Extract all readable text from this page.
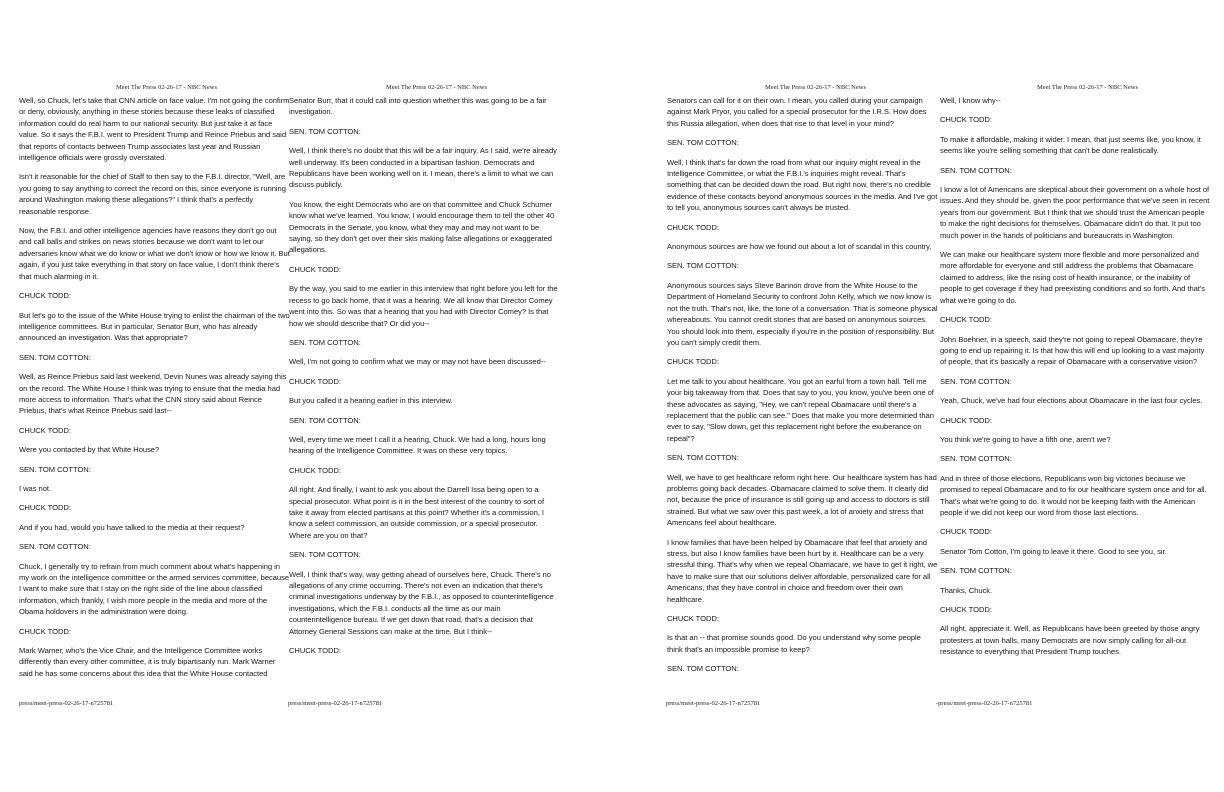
Meet The Press 02-26-17 - NBC News	Meet The Press 02-26-17 - NBC News

Well, so Chuck, let's take that CNN article on face value. I'm not going the confirm or deny, obviously, anything in these stories because these leaks of classified information could do real harm to our national security. But just take it at face value. So it says the F.B.I. went to President Trump and Reince Priebus and said that reports of contacts between Trump associates last year and Russian intelligence officials were grossly overstated.

Isn't it reasonable for the chief of Staff to then say to the F.B.I. director, "Well, are you going to say anything to correct the record on this, since everyone is running around Washington making these allegations?" I think that's a perfectly reasonable response.

Now, the F.B.I. and other intelligence agencies have reasons they don't go out and call balls and strikes on news stories because we don't want to let our adversaries know what we do know or what we don't know or how we know it. But again, if you just take everything in that story on face value, I don't think there's that much alarming in it.

CHUCK TODD:

But let's go to the issue of the White House trying to enlist the chairman of the two intelligence committees. But in particular, Senator Burr, who has already announced an investigation. Was that appropriate?

SEN. TOM COTTON:

Well, as Reince Priebus said last weekend, Devin Nunes was already saying this on the record. The White House I think was trying to ensure that the media had more access to information. That's what the CNN story said about Reince Priebus, that's what Reince Priebus said last--

CHUCK TODD:

Were you contacted by that White House?

SEN. TOM COTTON:

I was not.

CHUCK TODD:

And if you had, would you have talked to the media at their request?

SEN. TOM COTTON:

Chuck, I generally try to refrain from much comment about what's happening in my work on the intelligence committee or the armed services committee, because I want to make sure that I stay on the right side of the line about classified information, which frankly, I wish more people in the media and more of the Obama holdovers in the administration were doing.

CHUCK TODD:

Mark Warner, who's the Vice Chair, and the Intelligence Committee works differently than every other committee, it is truly bipartisanly run. Mark Warner said he has some concerns about this idea that the White House contacted

Senator Burr, that it could call into question whether this was going to be a fair investigation.

SEN. TOM COTTON:

Well, I think there's no doubt that this will be a fair inquiry. As I said, we're already well underway. It's been conducted in a bipartisan fashion. Democrats and Republicans have been working well on it. I mean, there's a limit to what we can discuss publicly.

You know, the eight Democrats who are on that committee and Chuck Schumer know what we've learned. You know, I would encourage them to tell the other 40 Democrats in the Senate, you know, what they may and may not want to be saying, so they don't get over their skis making false allegations or exaggerated allegations.

CHUCK TODD:

By the way, you said to me earlier in this interview that right before you left for the recess to go back home, that it was a hearing. We all know that Director Comey went into this. So was that a hearing that you had with Director Comey? Is that how we should describe that? Or did you--

SEN. TOM COTTON:

Well, I'm not going to confirm what we may or may not have been discussed--

CHUCK TODD:

But you called it a hearing earlier in this interview.

SEN. TOM COTTON:

Well, every time we meet I call it a hearing, Chuck. We had a long, hours long hearing of the Intelligence Committee. It was on these very topics.

CHUCK TODD:

All right. And finally, I want to ask you about the Darrell Issa being open to a special prosecutor. What point is it in the best interest of the country to sort of take it away from elected partisans at this point? Whether it's a commission, I know a select commission, an outside commission, or a special prosecutor. Where are you on that?

SEN. TOM COTTON:

Well, I think that's way, way getting ahead of ourselves here, Chuck. There's no allegations of any crime occurring. There's not even an indication that there's criminal investigations underway by the F.B.I., as opposed to counterintelligence investigations, which the F.B.I. conducts all the time as our main counterintelligence bureau. If we get down that road, that's a decision that Attorney General Sessions can make at the time. But I think--

CHUCK TODD:

press/meet-press-02-26-17-n725781	press/meet-press-02-26-17-n725781
Meet The Press 02-26-17 - NBC News	Meet The Press 02-26-17 - NBC News

Senators can call for it on their own. I mean, you called during your campaign against Mark Pryor, you called for a special prosecutor for the I.R.S. How does this Russia allegation, when does that rise to that level in your mind?

SEN. TOM COTTON:

Well, I think that's far down the road from what our inquiry might reveal in the Intelligence Committee, or what the F.B.I.'s inquiries might reveal. That's something that can be decided down the road. But right now, there's no credible evidence of these contacts beyond anonymous sources in the media. And I've got to tell you, anonymous sources can't always be trusted.

CHUCK TODD:

Anonymous sources are how we found out about a lot of scandal in this country.

SEN. TOM COTTON:

Anonymous sources says Steve Bannon drove from the White House to the Department of Homeland Security to confront John Kelly, which we now know is not the truth. That's not, like, the tone of a conversation. That is someone physical whereabouts. You cannot credit stories that are based on anonymous sources. You should look into them, especially if you're in the position of responsibility. But you can't simply credit them.

CHUCK TODD:

Let me talk to you about healthcare. You got an earful from a town hall. Tell me your big takeaway from that. Does that say to you, you know, you've been one of these advocates as saying, "Hey, we can't repeal Obamacare until there's a replacement that the public can see." Does that make you more determined than ever to say, "Slow down, get this replacement right before the exuberance on repeal"?

SEN. TOM COTTON:

Well, we have to get healthcare reform right here. Our healthcare system has had problems going back decades. Obamacare claimed to solve them. It clearly did not, because the price of insurance is still going up and access to doctors is still strained. But what we saw over this past week, a lot of anxiety and stress that Americans feel about healthcare.

I know families that have been helped by Obamacare that feel that anxiety and stress, but also I know families have been hurt by it. Healthcare can be a very stressful thing. That's why when we repeal Obamacare, we have to get it right, we have to make sure that our solutions deliver affordable, personalized care for all Americans, that they have control in choice and freedom over their own healthcare.

CHUCK TODD:

Is that an -- that promise sounds good. Do you understand why some people think that's an impossible promise to keep?

SEN. TOM COTTON:

Well, I know why--

CHUCK TODD:

To make it affordable, making it wider. I mean, that just seems like, you know, it seems like you're selling something that can't be done realistically.

SEN. TOM COTTON:

I know a lot of Americans are skeptical about their government on a whole host of issues. And they should be, given the poor performance that we've seen in recent years from our government. But I think that we should trust the American people to make the right decisions for themselves. Obamacare didn't do that. It put too much power in the hands of politicians and bureaucrats in Washington.

We can make our healthcare system more flexible and more personalized and more affordable for everyone and still address the problems that Obamacare claimed to address, like the rising cost of health insurance, or the inability of people to get coverage if they had preexisting conditions and so forth. And that's what we're going to do.

CHUCK TODD:

John Boehner, in a speech, said they're not going to repeal Obamacare, they're going to end up repairing it. Is that how this will end up looking to a vast majority of people, that it's basically a repair of Obamacare with a conservative vision?

SEN. TOM COTTON:

Yeah, Chuck, we've had four elections about Obamacare in the last four cycles.

CHUCK TODD:

You think we're going to have a fifth one, aren't we?

SEN. TOM COTTON:

And in three of those elections, Republicans won big victories because we promised to repeal Obamacare and to fix our healthcare system once and for all. That's what we're going to do. It would not be keeping faith with the American people if we did not keep our word from those last elections.

CHUCK TODD:

Senator Tom Cotton, I'm going to leave it there. Good to see you, sir.

SEN. TOM COTTON:

Thanks, Chuck.

CHUCK TODD:

All right, appreciate it. Well, as Republicans have been greeted by those angry protesters at town halls, many Democrats are now simply calling for all-out resistance to everything that President Trump touches.

press/meet-press-02-26-17-n725781	-press/meet-press-02-26-17-n725781
